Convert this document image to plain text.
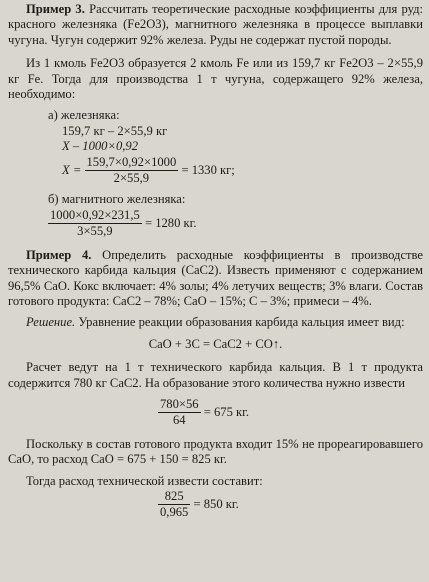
Пример 3. Рассчитать теоретические расходные коэффициенты для руд: красного железняка (Fe2O3), магнитного железняка в процессе выплавки чугуна. Чугун содержит 92% железа. Руды не содержат пустой породы.

Из 1 кмоль Fe2O3 образуется 2 кмоль Fe или из 159,7 кг Fe2O3 – 2×55,9 кг Fe. Тогда для производства 1 т чугуна, содержащего 92% железа, необходимо:

а) железняка:

159,7 кг – 2×55,9 кг
X – 1000×0,92
X =
$\frac{159,7\times 0,92\times 1000}{2\times 55,9}$
= 1330 кг;

б) магнитного железняка:

$\frac{1000\times 0,92\times 231,5}{3\times 55,9}$
= 1280 кг.

Пример 4. Определить расходные коэффициенты в производстве технического карбида кальция (CaC2). Известь применяют с содержанием 96,5% CaO. Кокс включает: 4% золы; 4% летучих веществ; 3% влаги. Состав готового продукта: CaC2 – 78%; CaO – 15%; C – 3%; примеси – 4%.

Решение. Уравнение реакции образования карбида кальция имеет вид:

CaO + 3C = CaC2 + CO↑.

Расчет ведут на 1 т технического карбида кальция. В 1 т продукта содержится 780 кг CaC2. На образование этого количества нужно извести

$\frac{780\times 56}{64}$
= 675 кг.

Поскольку в состав готового продукта входит 15% не прореагировавшего CaO, то расход CaO = 675 + 150 = 825 кг.

Тогда расход технической извести составит:

$\frac{825}{0,965}$
= 850 кг.
